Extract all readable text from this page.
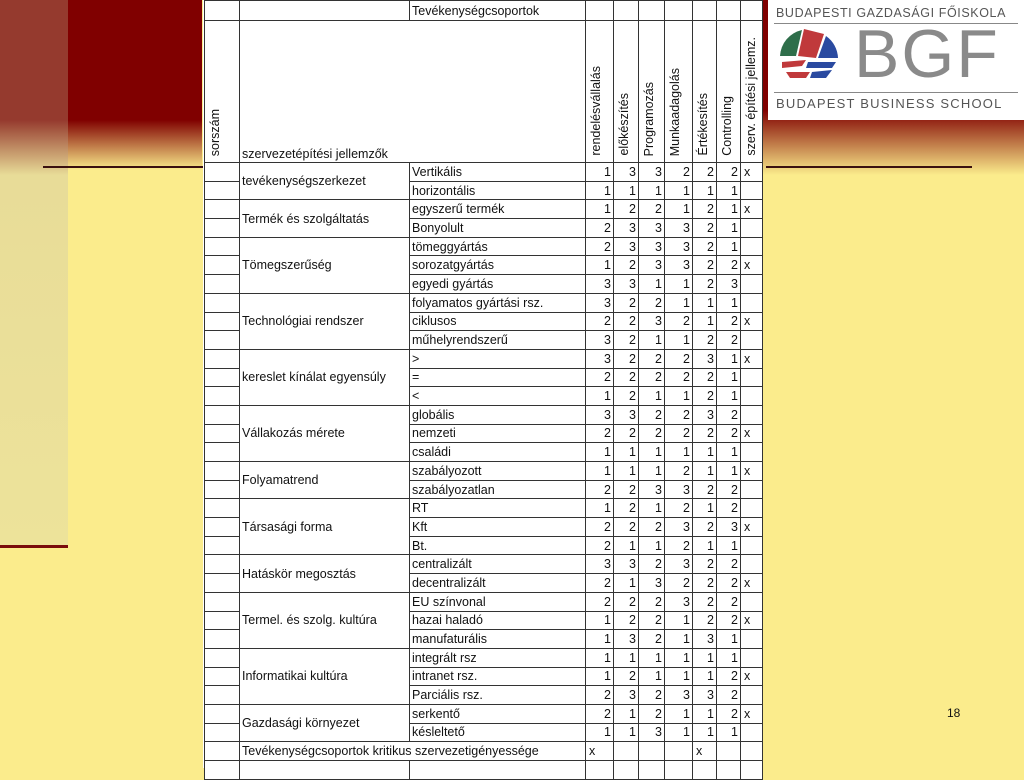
BUDAPESTI GAZDASÁGI FŐISKOLA
BGF
BUDAPEST BUSINESS SCHOOL
		Tevékenységcsoportok							
sorszám	szervezetépítési jellemzők		rendelésvállalás	előkészítés	Programozás	Munkaadagolás	Értékesítés	Controlling	szerv. építési jellemz.
	tevékenységszerkezet	Vertikális	1	3	3	2	2	2	x
		horizontális	1	1	1	1	1	1	
	Termék és szolgáltatás	egyszerű termék	1	2	2	1	2	1	x
		Bonyolult	2	3	3	3	2	1	
	Tömegszerűség	tömeggyártás	2	3	3	3	2	1	
		sorozatgyártás	1	2	3	3	2	2	x
		egyedi gyártás	3	3	1	1	2	3	
	Technológiai rendszer	folyamatos gyártási rsz.	3	2	2	1	1	1	
		ciklusos	2	2	3	2	1	2	x
		műhelyrendszerű	3	2	1	1	2	2	
	kereslet kínálat egyensúly	>	3	2	2	2	3	1	x
		=	2	2	2	2	2	1	
		<	1	2	1	1	2	1	
	Vállakozás mérete	globális	3	3	2	2	3	2	
		nemzeti	2	2	2	2	2	2	x
		családi	1	1	1	1	1	1	
	Folyamatrend	szabályozott	1	1	1	2	1	1	x
		szabályozatlan	2	2	3	3	2	2	
	Társasági forma	RT	1	2	1	2	1	2	
		Kft	2	2	2	3	2	3	x
		Bt.	2	1	1	2	1	1	
	Hatáskör megosztás	centralizált	3	3	2	3	2	2	
		decentralizált	2	1	3	2	2	2	x
	Termel. és szolg. kultúra	EU színvonal	2	2	2	3	2	2	
		hazai haladó	1	2	2	1	2	2	x
		manufaturális	1	3	2	1	3	1	
	Informatikai kultúra	integrált rsz	1	1	1	1	1	1	
		intranet rsz.	1	2	1	1	1	2	x
		Parciális rsz.	2	3	2	3	3	2	
	Gazdasági környezet	serkentő	2	1	2	1	1	2	x
		késleltető	1	1	3	1	1	1	
	Tevékenységcsoportok kritikus szervezetigényessége		x				x		

18
